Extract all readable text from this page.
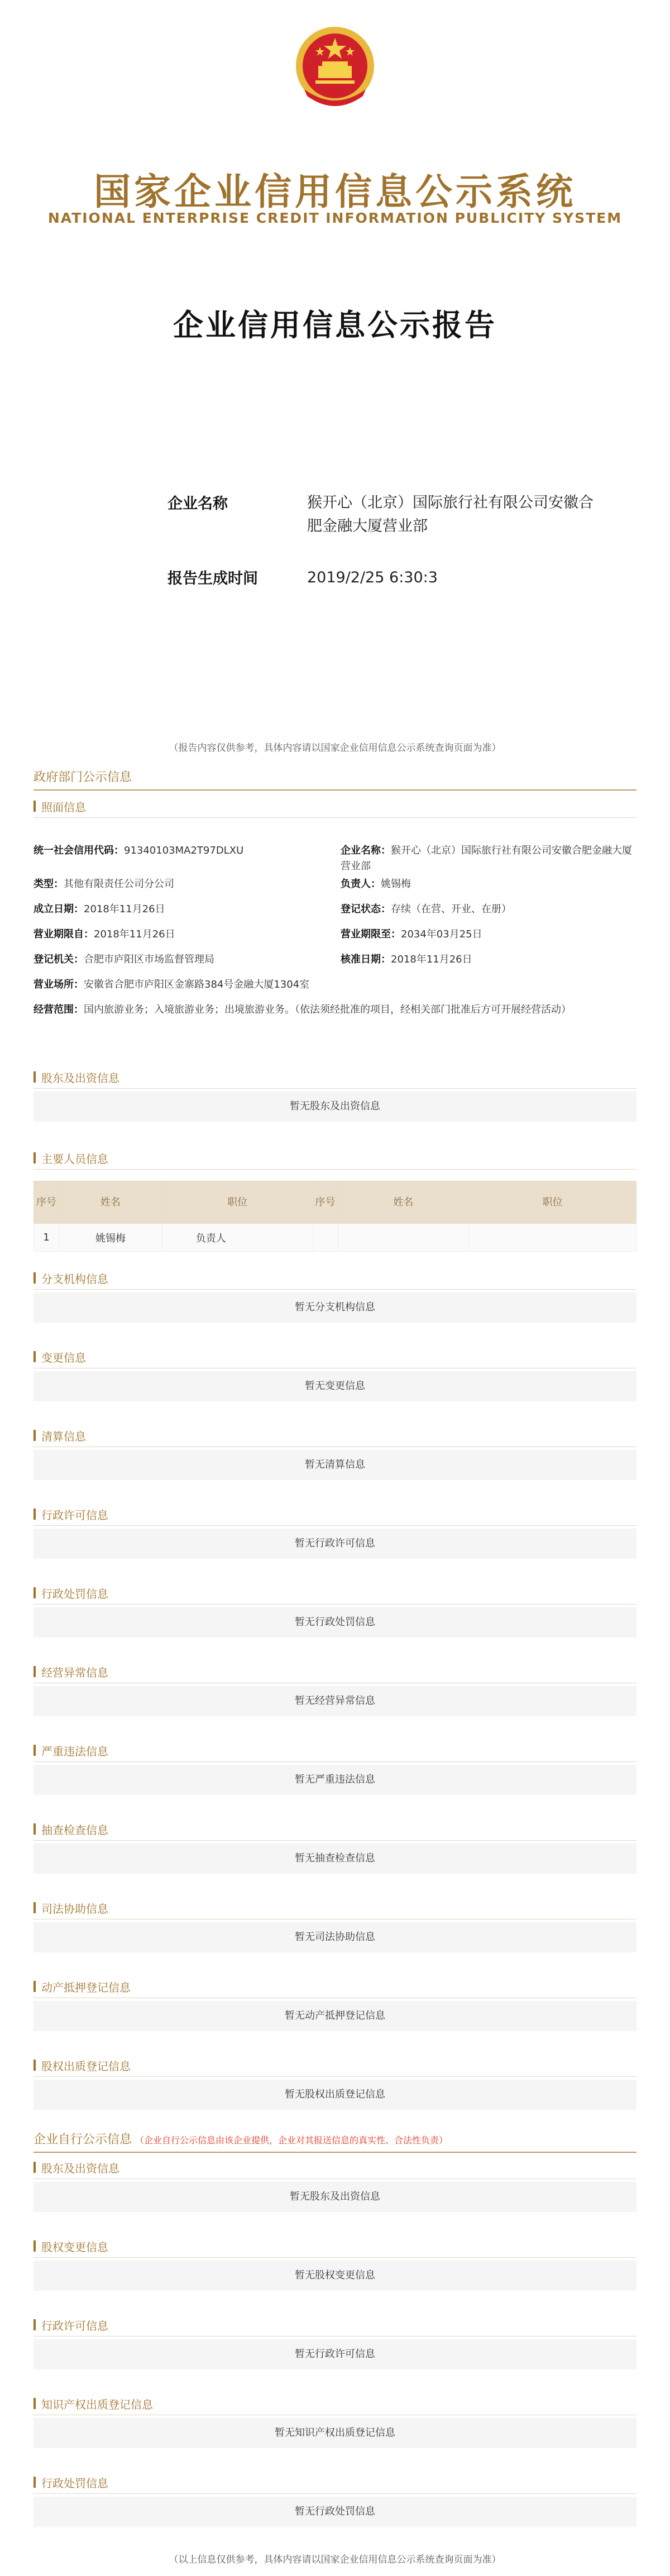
国家企业信用信息公示系统
NATIONAL ENTERPRISE CREDIT INFORMATION PUBLICITY SYSTEM
企业信用信息公示报告
企业名称	猴开心（北京）国际旅行社有限公司安徽合肥金融大厦营业部
报告生成时间	2019/2/25 6:30:3
（报告内容仅供参考，具体内容请以国家企业信用信息公示系统查询页面为准）
政府部门公示信息
照面信息
统一社会信用代码：91340103MA2T97DLXU	企业名称：猴开心（北京）国际旅行社有限公司安徽合肥金融大厦营业部
类型：其他有限责任公司分公司	负责人：姚锡梅
成立日期：2018年11月26日	登记状态：存续（在营、开业、在册）
营业期限自：2018年11月26日	营业期限至：2034年03月25日
登记机关：合肥市庐阳区市场监督管理局	核准日期：2018年11月26日
营业场所：安徽省合肥市庐阳区金寨路384号金融大厦1304室
经营范围：国内旅游业务；入境旅游业务；出境旅游业务。（依法须经批准的项目，经相关部门批准后方可开展经营活动）
股东及出资信息
暂无股东及出资信息
主要人员信息
序号	姓名	职位	序号	姓名	职位
1	姚锡梅	负责人			
分支机构信息
暂无分支机构信息
变更信息
暂无变更信息
清算信息
暂无清算信息
行政许可信息
暂无行政许可信息
行政处罚信息
暂无行政处罚信息
经营异常信息
暂无经营异常信息
严重违法信息
暂无严重违法信息
抽查检查信息
暂无抽查检查信息
司法协助信息
暂无司法协助信息
动产抵押登记信息
暂无动产抵押登记信息
股权出质登记信息
暂无股权出质登记信息
企业自行公示信息 （企业自行公示信息由该企业提供，企业对其报送信息的真实性、合法性负责）
股东及出资信息
暂无股东及出资信息
股权变更信息
暂无股权变更信息
行政许可信息
暂无行政许可信息
知识产权出质登记信息
暂无知识产权出质登记信息
行政处罚信息
暂无行政处罚信息
（以上信息仅供参考，具体内容请以国家企业信用信息公示系统查询页面为准）
